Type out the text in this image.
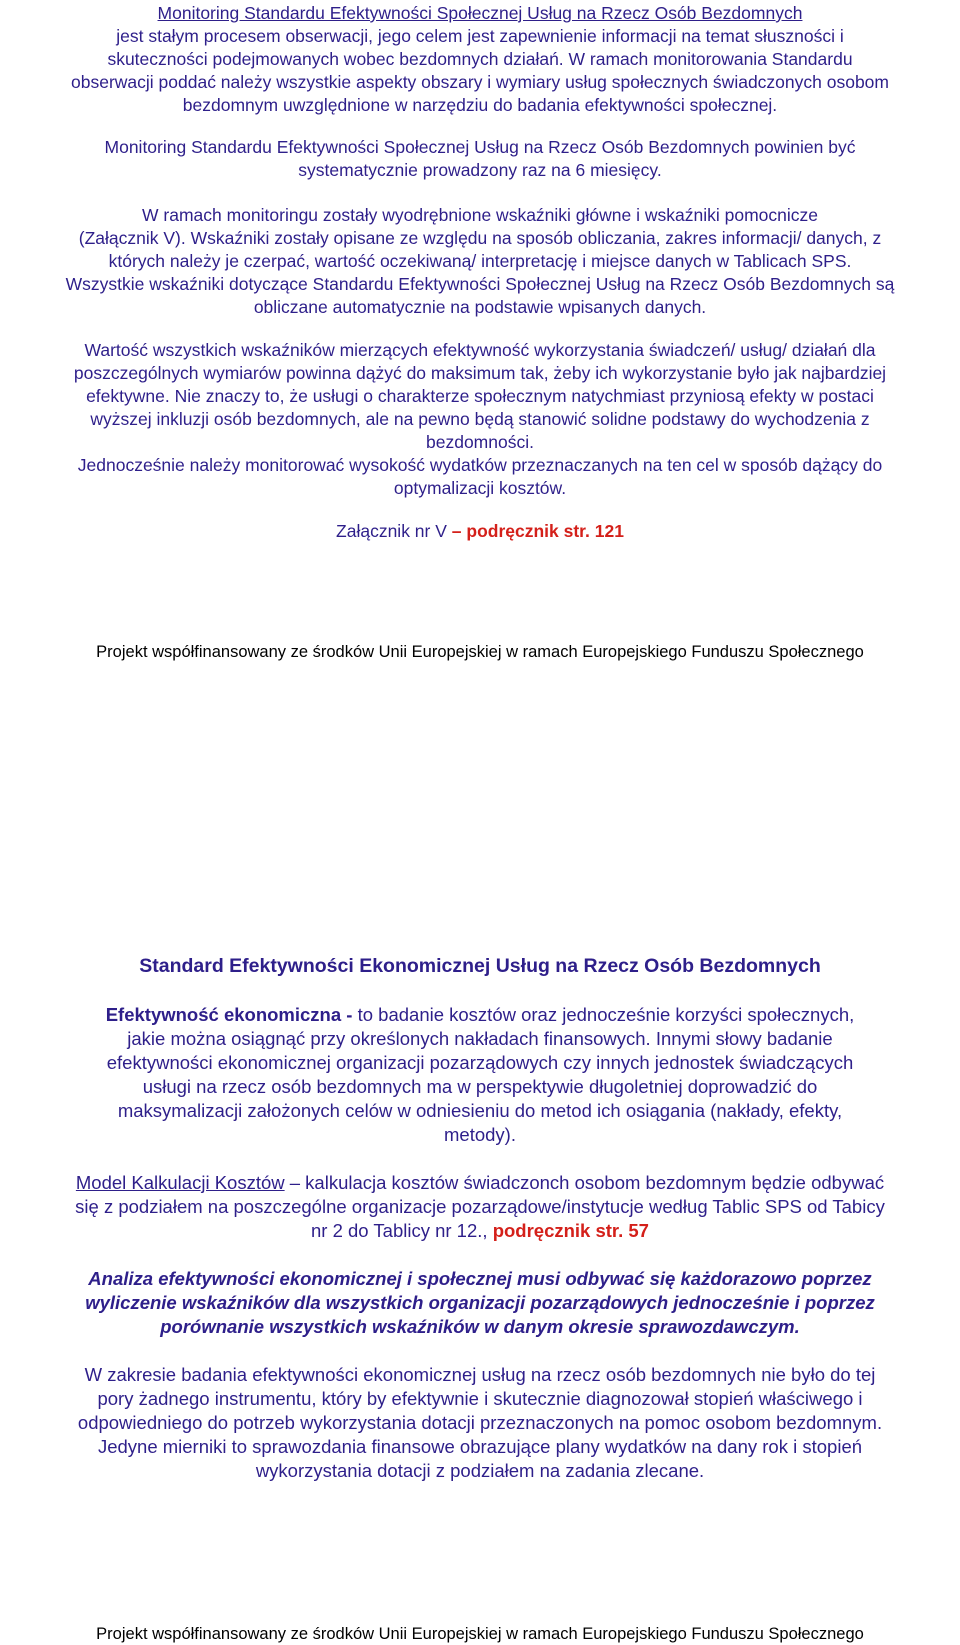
Monitoring Standardu Efektywności Społecznej Usług na Rzecz Osób Bezdomnych
jest stałym procesem obserwacji, jego celem jest zapewnienie informacji na temat słuszności i
skuteczności podejmowanych wobec bezdomnych działań. W ramach monitorowania Standardu
obserwacji poddać należy wszystkie aspekty obszary i wymiary usług społecznych świadczonych osobom
bezdomnym uwzględnione w narzędziu do badania efektywności społecznej.
Monitoring Standardu Efektywności Społecznej Usług na Rzecz Osób Bezdomnych powinien być
systematycznie prowadzony raz na 6 miesięcy.
W ramach monitoringu zostały wyodrębnione wskaźniki główne i wskaźniki pomocnicze
(Załącznik V). Wskaźniki zostały opisane ze względu na sposób obliczania, zakres informacji/ danych, z
których należy je czerpać, wartość oczekiwaną/ interpretację i miejsce danych w Tablicach SPS.
Wszystkie wskaźniki dotyczące Standardu Efektywności Społecznej Usług na Rzecz Osób Bezdomnych są
obliczane automatycznie na podstawie wpisanych danych.
Wartość wszystkich wskaźników mierzących efektywność wykorzystania świadczeń/ usług/ działań dla
poszczególnych wymiarów powinna dążyć do maksimum tak, żeby ich wykorzystanie było jak najbardziej
efektywne. Nie znaczy to, że usługi o charakterze społecznym natychmiast przyniosą efekty w postaci
wyższej inkluzji osób bezdomnych, ale na pewno będą stanowić solidne podstawy do wychodzenia z
bezdomności.
Jednocześnie należy monitorować wysokość wydatków przeznaczanych na ten cel w sposób dążący do
optymalizacji kosztów.
Załącznik nr V – podręcznik str. 121
Projekt współfinansowany ze środków Unii Europejskiej w ramach Europejskiego Funduszu Społecznego
Standard Efektywności Ekonomicznej Usług na Rzecz Osób Bezdomnych
Efektywność ekonomiczna - to badanie kosztów oraz jednocześnie korzyści społecznych,
jakie można osiągnąć przy określonych nakładach finansowych. Innymi słowy badanie
efektywności ekonomicznej organizacji pozarządowych czy innych jednostek świadczących
usługi na rzecz osób bezdomnych ma w perspektywie długoletniej doprowadzić do
maksymalizacji założonych celów w odniesieniu do metod ich osiągania (nakłady, efekty,
metody).
Model Kalkulacji Kosztów – kalkulacja kosztów świadczonch osobom bezdomnym będzie odbywać
się z podziałem na poszczególne organizacje pozarządowe/instytucje według Tablic SPS od Tabicy
nr 2 do Tablicy nr 12., podręcznik str. 57
Analiza efektywności ekonomicznej i społecznej musi odbywać się każdorazowo poprzez
wyliczenie wskaźników dla wszystkich organizacji pozarządowych jednocześnie i poprzez
porównanie wszystkich wskaźników w danym okresie sprawozdawczym.
W zakresie badania efektywności ekonomicznej usług na rzecz osób bezdomnych nie było do tej
pory żadnego instrumentu, który by efektywnie i skutecznie diagnozował stopień właściwego i
odpowiedniego do potrzeb wykorzystania dotacji przeznaczonych na pomoc osobom bezdomnym.
Jedyne mierniki to sprawozdania finansowe obrazujące plany wydatków na dany rok i stopień
wykorzystania dotacji z podziałem na zadania zlecane.
Projekt współfinansowany ze środków Unii Europejskiej w ramach Europejskiego Funduszu Społecznego
